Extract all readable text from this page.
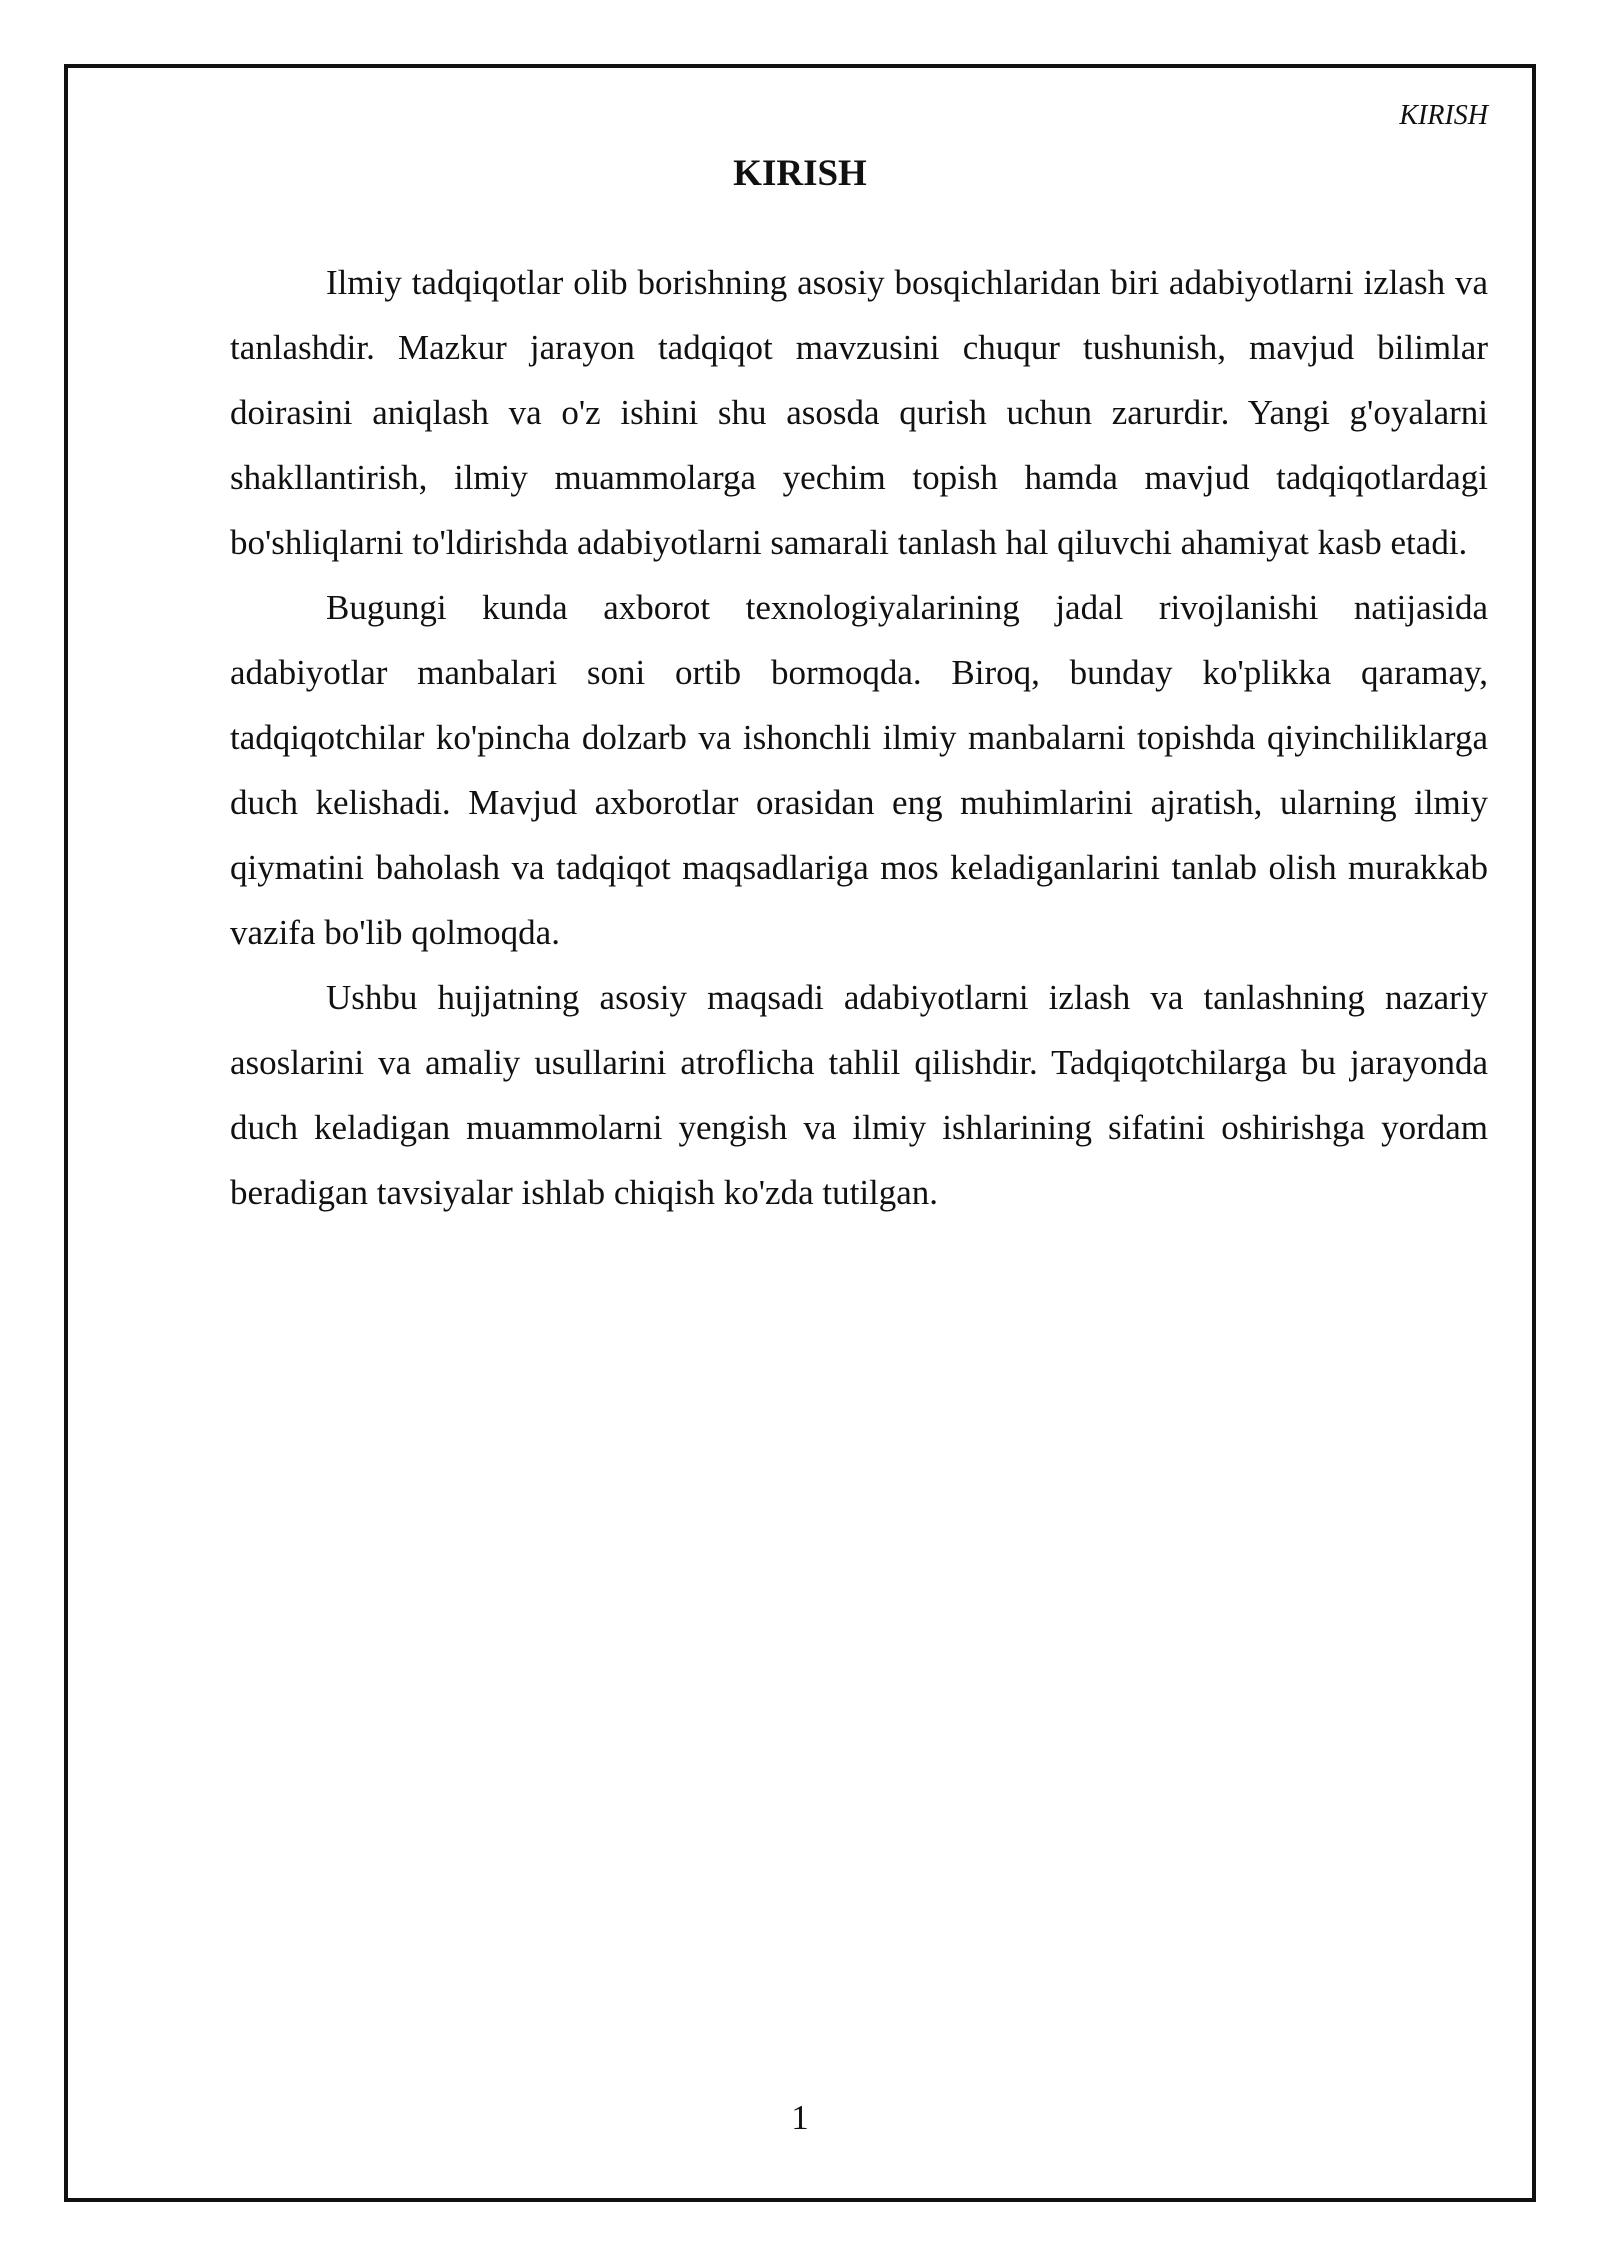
KIRISH
KIRISH

Ilmiy tadqiqotlar olib borishning asosiy bosqichlaridan biri adabiyotlarni izlash va tanlashdir. Mazkur jarayon tadqiqot mavzusini chuqur tushunish, mavjud bilimlar doirasini aniqlash va o'z ishini shu asosda qurish uchun zarurdir. Yangi g'oyalarni shakllantirish, ilmiy muammolarga yechim topish hamda mavjud tadqiqotlardagi bo'shliqlarni to'ldirishda adabiyotlarni samarali tanlash hal qiluvchi ahamiyat kasb etadi.

Bugungi kunda axborot texnologiyalarining jadal rivojlanishi natijasida adabiyotlar manbalari soni ortib bormoqda. Biroq, bunday ko'plikka qaramay, tadqiqotchilar ko'pincha dolzarb va ishonchli ilmiy manbalarni topishda qiyinchiliklarga duch kelishadi. Mavjud axborotlar orasidan eng muhimlarini ajratish, ularning ilmiy qiymatini baholash va tadqiqot maqsadlariga mos keladiganlarini tanlab olish murakkab vazifa bo'lib qolmoqda.

Ushbu hujjatning asosiy maqsadi adabiyotlarni izlash va tanlashning nazariy asoslarini va amaliy usullarini atroflicha tahlil qilishdir. Tadqiqotchilarga bu jarayonda duch keladigan muammolarni yengish va ilmiy ishlarining sifatini oshirishga yordam beradigan tavsiyalar ishlab chiqish ko'zda tutilgan.

1
